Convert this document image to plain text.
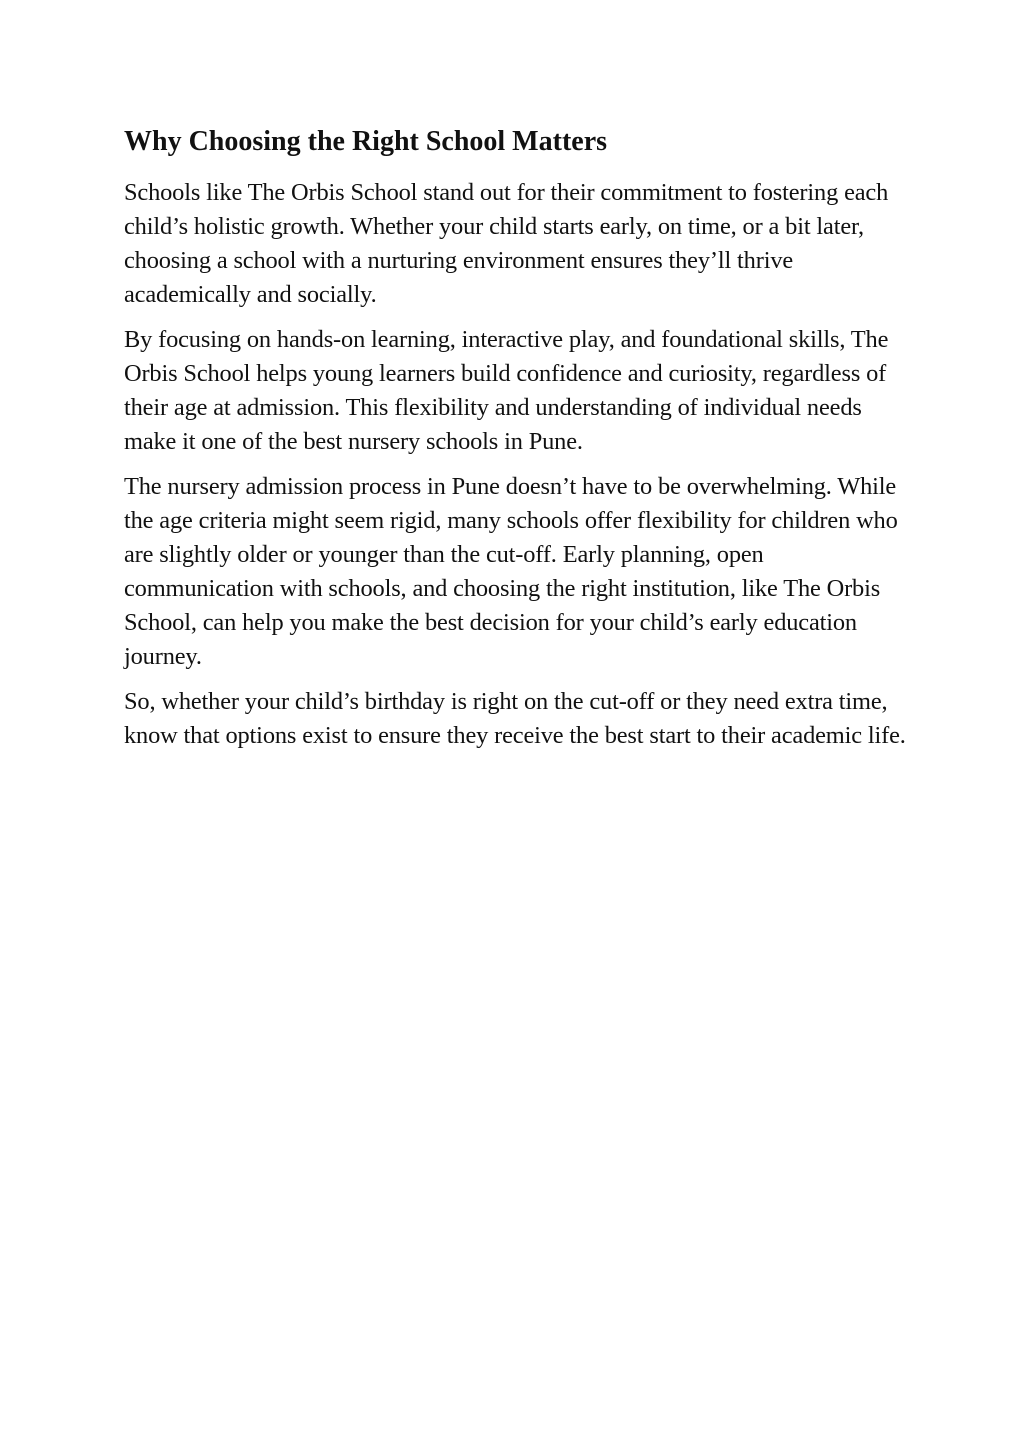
Why Choosing the Right School Matters

Schools like The Orbis School stand out for their commitment to fostering each child’s holistic growth. Whether your child starts early, on time, or a bit later, choosing a school with a nurturing environment ensures they’ll thrive academically and socially.

By focusing on hands-on learning, interactive play, and foundational skills, The Orbis School helps young learners build confidence and curiosity, regardless of their age at admission. This flexibility and understanding of individual needs make it one of the best nursery schools in Pune.

The nursery admission process in Pune doesn’t have to be overwhelming. While the age criteria might seem rigid, many schools offer flexibility for children who are slightly older or younger than the cut-off. Early planning, open communication with schools, and choosing the right institution, like The Orbis School, can help you make the best decision for your child’s early education journey.

So, whether your child’s birthday is right on the cut-off or they need extra time, know that options exist to ensure they receive the best start to their academic life.
